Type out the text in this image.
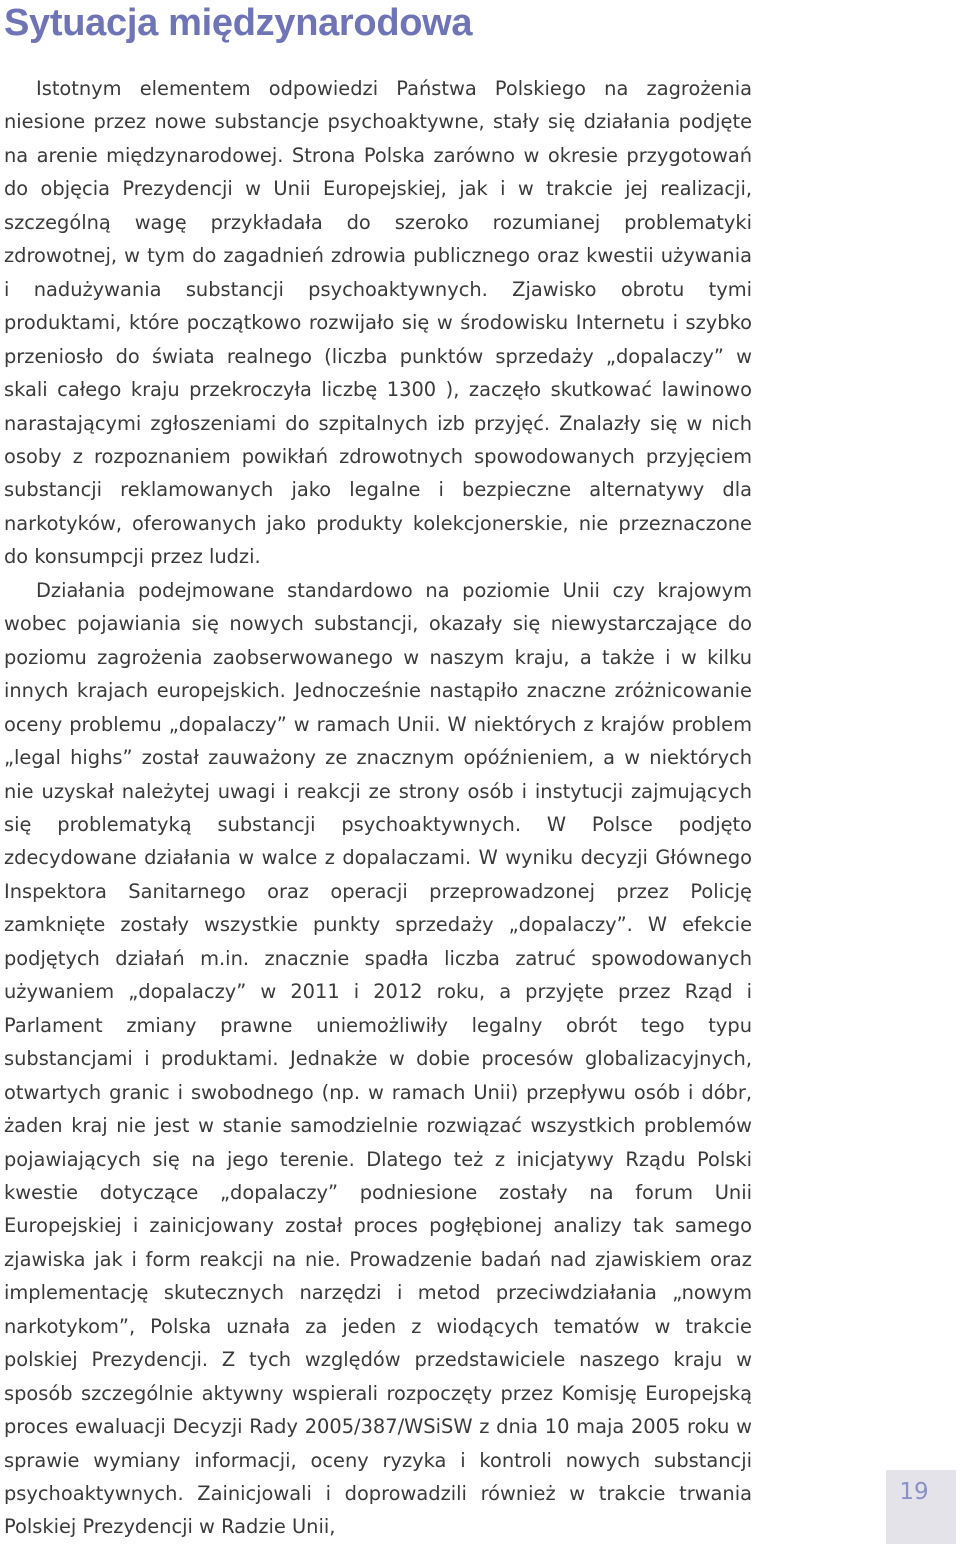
Sytuacja międzynarodowa

Istotnym elementem odpowiedzi Państwa Polskiego na zagrożenia niesione przez nowe substancje psychoaktywne, stały się działania podjęte na arenie międzynarodowej. Strona Polska zarówno w okresie przygotowań do objęcia Prezydencji w Unii Europejskiej, jak i w trakcie jej realizacji, szczególną wagę przykładała do szeroko rozumianej problematyki zdrowotnej, w tym do zagadnień zdrowia publicznego oraz kwestii używania i nadużywania substancji psychoaktywnych. Zjawisko obrotu tymi produktami, które początkowo rozwijało się w środowisku Internetu i szybko przeniosło do świata realnego (liczba punktów sprzedaży „dopalaczy” w skali całego kraju przekroczyła liczbę 1300 ), zaczęło skutkować lawinowo narastającymi zgłoszeniami do szpitalnych izb przyjęć. Znalazły się w nich osoby z rozpoznaniem powikłań zdrowotnych spowodowanych przyjęciem substancji reklamowanych jako legalne i bezpieczne alternatywy dla narkotyków, oferowanych jako produkty kolekcjonerskie, nie przeznaczone do konsumpcji przez ludzi.

Działania podejmowane standardowo na poziomie Unii czy krajowym wobec pojawiania się nowych substancji, okazały się niewystarczające do poziomu zagrożenia zaobserwowanego w naszym kraju, a także i w kilku innych krajach europejskich. Jednocześnie nastąpiło znaczne zróżnicowanie oceny problemu „dopalaczy” w ramach Unii. W niektórych z krajów problem „legal highs” został zauważony ze znacznym opóźnieniem, a w niektórych nie uzyskał należytej uwagi i reakcji ze strony osób i instytucji zajmujących się problematyką substancji psychoaktywnych. W Polsce podjęto zdecydowane działania w walce z dopalaczami. W wyniku decyzji Głównego Inspektora Sanitarnego oraz operacji przeprowadzonej przez Policję zamknięte zostały wszystkie punkty sprzedaży „dopalaczy”. W efekcie podjętych działań m.in. znacznie spadła liczba zatruć spowodowanych używaniem „dopalaczy” w 2011 i 2012 roku, a przyjęte przez Rząd i Parlament zmiany prawne uniemożliwiły legalny obrót tego typu substancjami i produktami. Jednakże w dobie procesów globalizacyjnych, otwartych granic i swobodnego (np. w ramach Unii) przepływu osób i dóbr, żaden kraj nie jest w stanie samodzielnie rozwiązać wszystkich problemów pojawiających się na jego terenie. Dlatego też z inicjatywy Rządu Polski kwestie dotyczące „dopalaczy” podniesione zostały na forum Unii Europejskiej i zainicjowany został proces pogłębionej analizy tak samego zjawiska jak i form reakcji na nie. Prowadzenie badań nad zjawiskiem oraz implementację skutecznych narzędzi i metod przeciwdziałania „nowym narkotykom”, Polska uznała za jeden z wiodących tematów w trakcie polskiej Prezydencji. Z tych względów przedstawiciele naszego kraju w sposób szczególnie aktywny wspierali rozpoczęty przez Komisję Europejską proces ewaluacji Decyzji Rady 2005/387/WSiSW z dnia 10 maja 2005 roku w sprawie wymiany informacji, oceny ryzyka i kontroli nowych substancji psychoaktywnych. Zainicjowali i doprowadzili również w trakcie trwania Polskiej Prezydencji w Radzie Unii,

19
